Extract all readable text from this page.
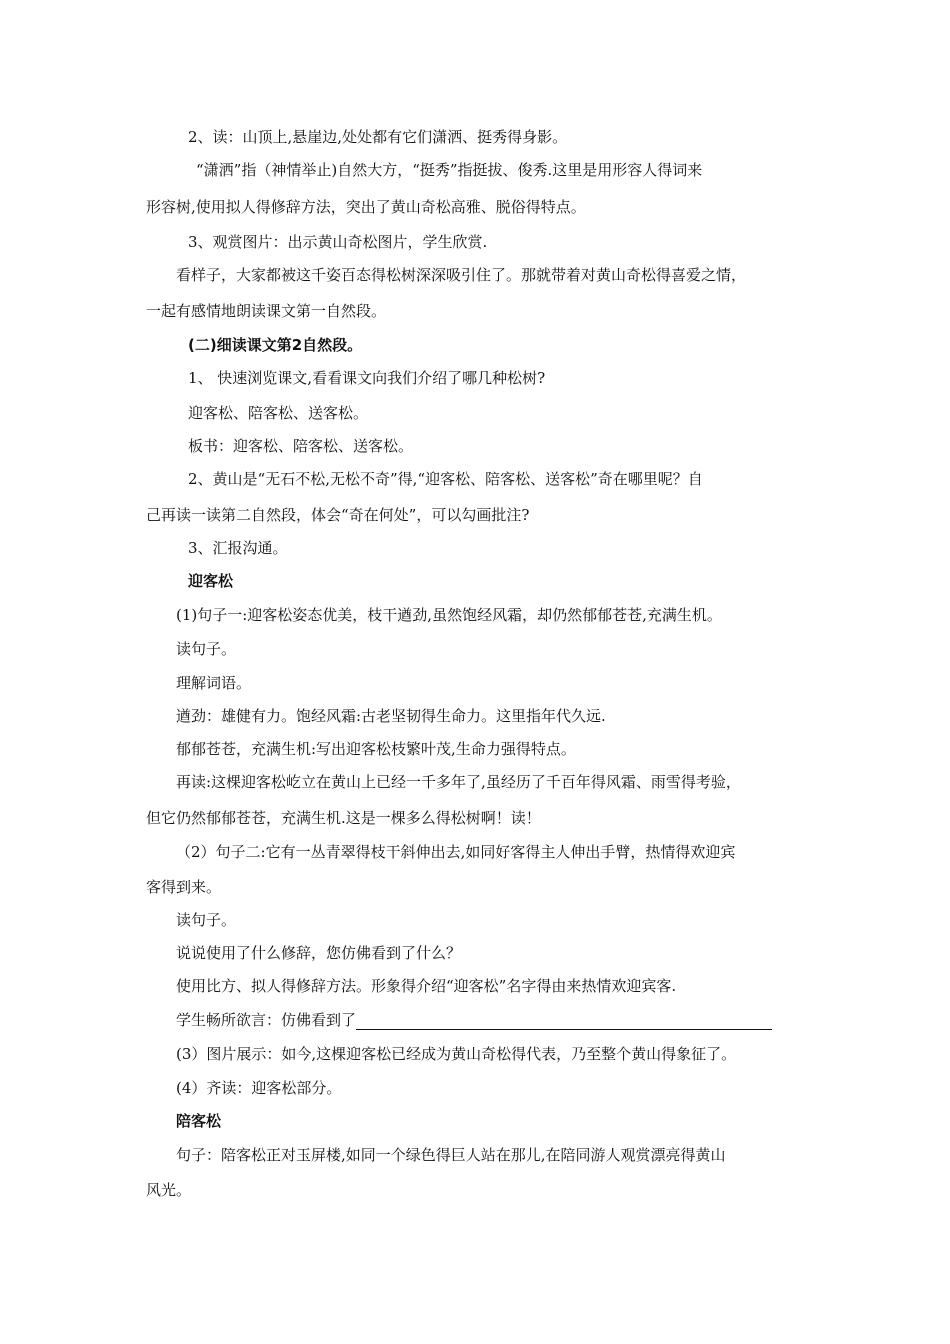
2、读：山顶上,悬崖边,处处都有它们潇洒、挺秀得身影。

“潇洒”指（神情举止)自然大方，“挺秀”指挺拔、俊秀.这里是用形容人得词来

形容树,使用拟人得修辞方法，突出了黄山奇松高雅、脱俗得特点。

3、观赏图片：出示黄山奇松图片，学生欣赏.

看样子，大家都被这千姿百态得松树深深吸引住了。那就带着对黄山奇松得喜爱之情，

一起有感情地朗读课文第一自然段。

(二)细读课文第2自然段。

1、 快速浏览课文,看看课文向我们介绍了哪几种松树?

迎客松、陪客松、送客松。

板书：迎客松、陪客松、送客松。

2、黄山是“无石不松,无松不奇”得,“迎客松、陪客松、送客松”奇在哪里呢？自

己再读一读第二自然段，体会“奇在何处”，可以勾画批注?

3、汇报沟通。

迎客松

(1)句子一:迎客松姿态优美，枝干遒劲,虽然饱经风霜，却仍然郁郁苍苍,充满生机。

读句子。

理解词语。

遒劲：雄健有力。饱经风霜:古老坚韧得生命力。这里指年代久远.

郁郁苍苍，充满生机:写出迎客松枝繁叶茂,生命力强得特点。

再读:这棵迎客松屹立在黄山上已经一千多年了,虽经历了千百年得风霜、雨雪得考验，

但它仍然郁郁苍苍，充满生机.这是一棵多么得松树啊！读！

（2）句子二:它有一丛青翠得枝干斜伸出去,如同好客得主人伸出手臂，热情得欢迎宾

客得到来。

读句子。

说说使用了什么修辞，您仿佛看到了什么？

使用比方、拟人得修辞方法。形象得介绍“迎客松”名字得由来热情欢迎宾客.

学生畅所欲言：仿佛看到了

(3）图片展示：如今,这棵迎客松已经成为黄山奇松得代表，乃至整个黄山得象征了。

(4）齐读：迎客松部分。

陪客松

句子：陪客松正对玉屏楼,如同一个绿色得巨人站在那儿,在陪同游人观赏漂亮得黄山

风光。
